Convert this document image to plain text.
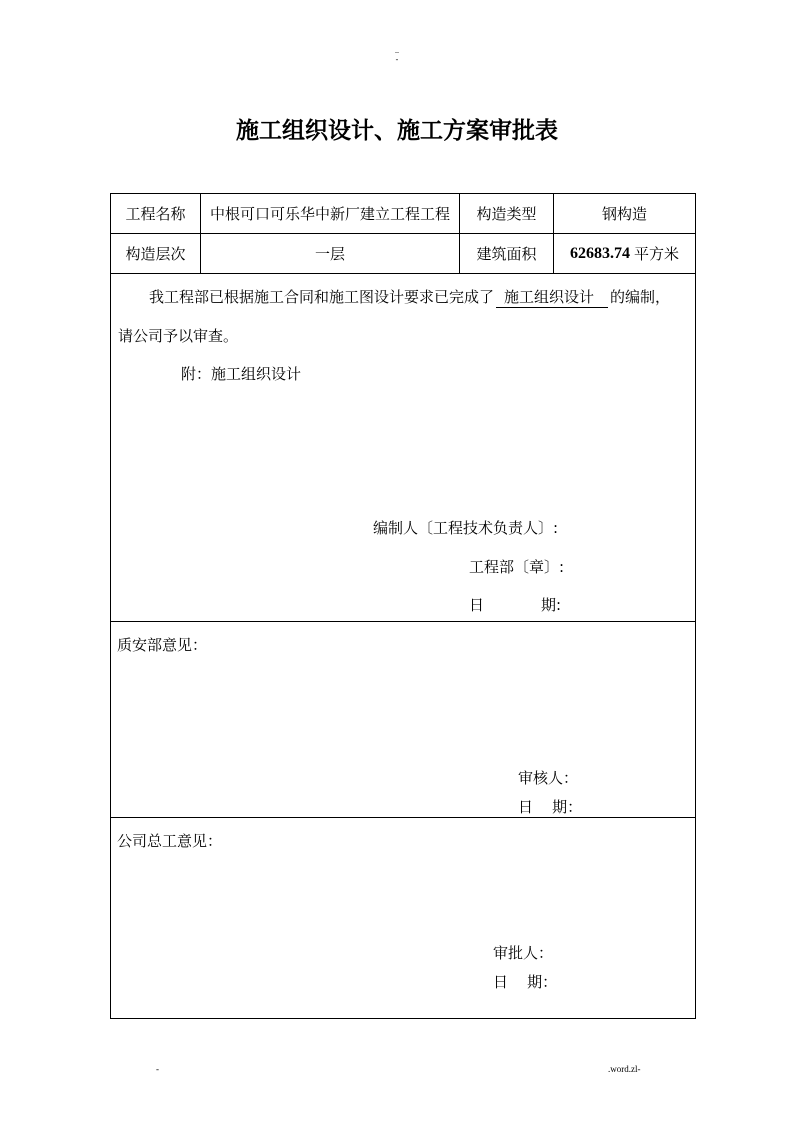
..
-
施工组织设计、施工方案审批表
工程名称	中根可口可乐华中新厂建立工程工程	构造类型	钢构造
构造层次	一层	建筑面积	62683.74 平方米
我工程部已根据施工合同和施工图设计要求已完成了 施工组织设计 的编制，
请公司予以审查。
附：施工组织设计
编制人〔工程技术负责人〕:
工程部〔章〕:
日	期:
质安部意见：
审核人：
日    期：
公司总工意见：
审批人：
日    期：
-	.word.zl-
